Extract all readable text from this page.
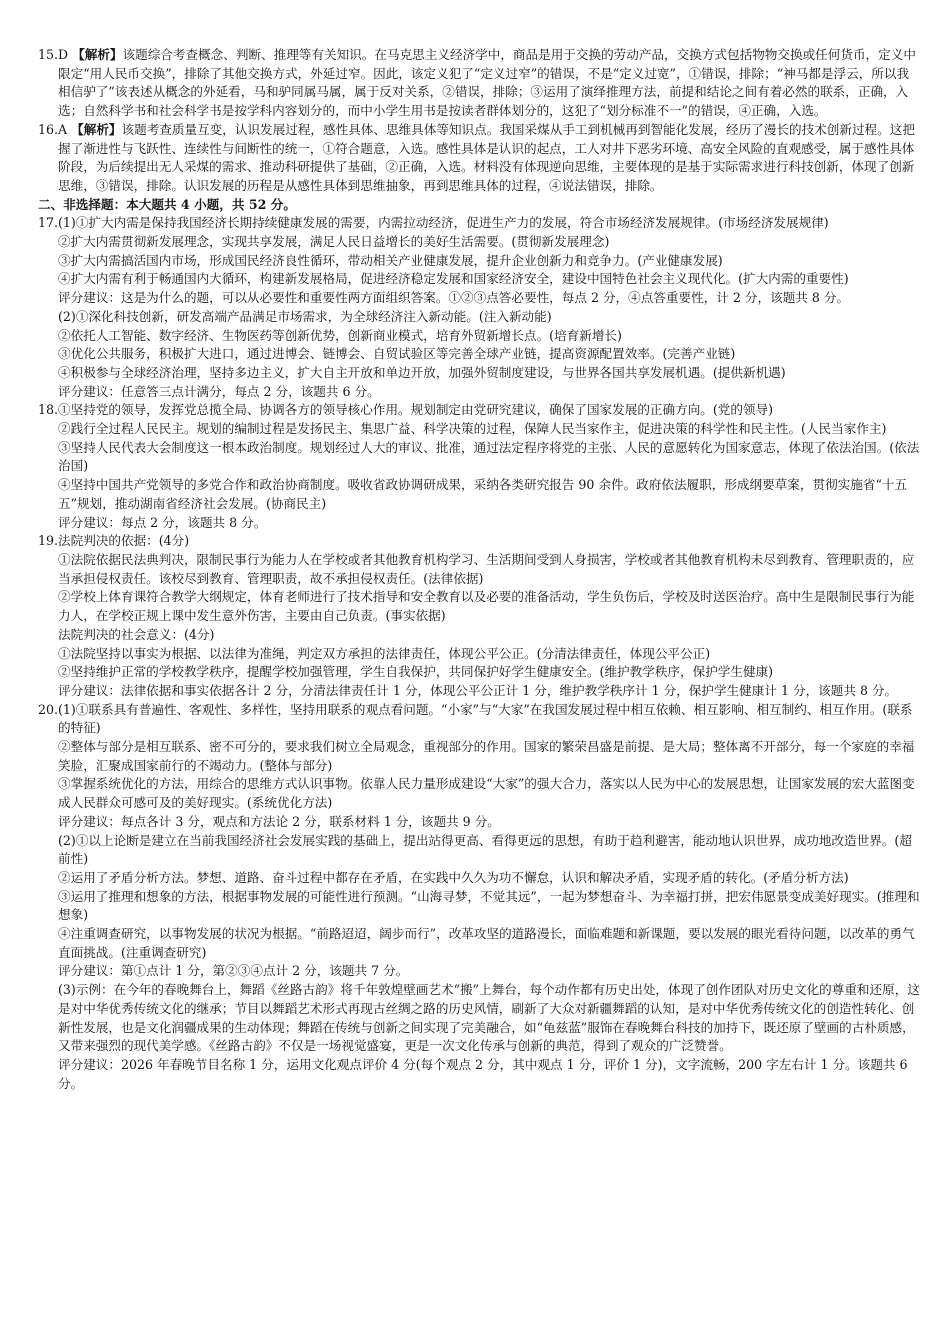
15. D 【解析】该题综合考查概念、判断、推理等有关知识。在马克思主义经济学中，商品是用于交换的劳动产品，交换方式包括物物交换或任何货币，定义中限定“用人民币交换”，排除了其他交换方式，外延过窄。因此，该定义犯了“定义过窄”的错误，不是“定义过宽”，①错误，排除；“神马都是浮云，所以我相信驴了”该表述从概念的外延看，马和驴同属马属，属于反对关系，②错误，排除；③运用了演绎推理方法，前提和结论之间有着必然的联系，正确，入选；自然科学书和社会科学书是按学科内容划分的，而中小学生用书是按读者群体划分的，这犯了“划分标准不一”的错误，④正确，入选。

16. A 【解析】该题考查质量互变，认识发展过程，感性具体、思维具体等知识点。我国采煤从手工到机械再到智能化发展，经历了漫长的技术创新过程。这把握了渐进性与飞跃性、连续性与间断性的统一，①符合题意，入选。感性具体是认识的起点，工人对井下恶劣环境、高安全风险的直观感受，属于感性具体阶段，为后续提出无人采煤的需求、推动科研提供了基础，②正确，入选。材料没有体现逆向思维，主要体现的是基于实际需求进行科技创新，体现了创新思维，③错误，排除。认识发展的历程是从感性具体到思维抽象，再到思维具体的过程，④说法错误，排除。

二、非选择题：本大题共 4 小题，共 52 分。

17. (1)①扩大内需是保持我国经济长期持续健康发展的需要，内需拉动经济，促进生产力的发展，符合市场经济发展规律。(市场经济发展规律)

②扩大内需贯彻新发展理念，实现共享发展，满足人民日益增长的美好生活需要。(贯彻新发展理念)

③扩大内需搞活国内市场，形成国民经济良性循环，带动相关产业健康发展，提升企业创新力和竞争力。(产业健康发展)

④扩大内需有利于畅通国内大循环，构建新发展格局，促进经济稳定发展和国家经济安全，建设中国特色社会主义现代化。(扩大内需的重要性)

评分建议：这是为什么的题，可以从必要性和重要性两方面组织答案。①②③点答必要性，每点 2 分，④点答重要性，计 2 分，该题共 8 分。

(2)①深化科技创新，研发高端产品满足市场需求，为全球经济注入新动能。(注入新动能)

②依托人工智能、数字经济、生物医药等创新优势，创新商业模式，培育外贸新增长点。(培育新增长)

③优化公共服务，积极扩大进口，通过进博会、链博会、自贸试验区等完善全球产业链，提高资源配置效率。(完善产业链)

④积极参与全球经济治理，坚持多边主义，扩大自主开放和单边开放，加强外贸制度建设，与世界各国共享发展机遇。(提供新机遇)

评分建议：任意答三点计满分，每点 2 分，该题共 6 分。

18. ①坚持党的领导，发挥党总揽全局、协调各方的领导核心作用。规划制定由党研究建议，确保了国家发展的正确方向。(党的领导)

②践行全过程人民民主。规划的编制过程是发扬民主、集思广益、科学决策的过程，保障人民当家作主，促进决策的科学性和民主性。(人民当家作主)

③坚持人民代表大会制度这一根本政治制度。规划经过人大的审议、批准，通过法定程序将党的主张、人民的意愿转化为国家意志，体现了依法治国。(依法治国)

④坚持中国共产党领导的多党合作和政治协商制度。吸收省政协调研成果，采纳各类研究报告 90 余件。政府依法履职，形成纲要草案，贯彻实施省“十五五”规划，推动湖南省经济社会发展。(协商民主)

评分建议：每点 2 分，该题共 8 分。

19. 法院判决的依据：(4分)

①法院依据民法典判决，限制民事行为能力人在学校或者其他教育机构学习、生活期间受到人身损害，学校或者其他教育机构未尽到教育、管理职责的，应当承担侵权责任。该校尽到教育、管理职责，故不承担侵权责任。(法律依据)

②学校上体育课符合教学大纲规定，体育老师进行了技术指导和安全教育以及必要的准备活动，学生负伤后，学校及时送医治疗。高中生是限制民事行为能力人，在学校正规上课中发生意外伤害，主要由自己负责。(事实依据)

法院判决的社会意义：(4分)

①法院坚持以事实为根据、以法律为准绳，判定双方承担的法律责任，体现公平公正。(分清法律责任，体现公平公正)

②坚持维护正常的学校教学秩序，提醒学校加强管理，学生自我保护，共同保护好学生健康安全。(维护教学秩序，保护学生健康)

评分建议：法律依据和事实依据各计 2 分，分清法律责任计 1 分，体现公平公正计 1 分，维护教学秩序计 1 分，保护学生健康计 1 分，该题共 8 分。

20. (1)①联系具有普遍性、客观性、多样性，坚持用联系的观点看问题。“小家”与“大家”在我国发展过程中相互依赖、相互影响、相互制约、相互作用。(联系的特征)

②整体与部分是相互联系、密不可分的，要求我们树立全局观念，重视部分的作用。国家的繁荣昌盛是前提、是大局；整体离不开部分，每一个家庭的幸福笑脸，汇聚成国家前行的不竭动力。(整体与部分)

③掌握系统优化的方法，用综合的思维方式认识事物。依靠人民力量形成建设“大家”的强大合力，落实以人民为中心的发展思想，让国家发展的宏大蓝图变成人民群众可感可及的美好现实。(系统优化方法)

评分建议：每点各计 3 分，观点和方法论 2 分，联系材料 1 分，该题共 9 分。

(2)①以上论断是建立在当前我国经济社会发展实践的基础上，提出站得更高、看得更远的思想，有助于趋利避害，能动地认识世界，成功地改造世界。(超前性)

②运用了矛盾分析方法。梦想、道路、奋斗过程中都存在矛盾，在实践中久久为功不懈怠，认识和解决矛盾，实现矛盾的转化。(矛盾分析方法)

③运用了推理和想象的方法，根据事物发展的可能性进行预测。“山海寻梦，不觉其远”，一起为梦想奋斗、为幸福打拼，把宏伟愿景变成美好现实。(推理和想象)

④注重调查研究，以事物发展的状况为根据。“前路迢迢，阔步而行”，改革攻坚的道路漫长，面临难题和新课题，要以发展的眼光看待问题，以改革的勇气直面挑战。(注重调查研究)

评分建议：第①点计 1 分，第②③④点计 2 分，该题共 7 分。

(3)示例：在今年的春晚舞台上，舞蹈《丝路古韵》将千年敦煌壁画艺术“搬”上舞台，每个动作都有历史出处，体现了创作团队对历史文化的尊重和还原，这是对中华优秀传统文化的继承；节目以舞蹈艺术形式再现古丝绸之路的历史风情，刷新了大众对新疆舞蹈的认知，是对中华优秀传统文化的创造性转化、创新性发展，也是文化润疆成果的生动体现；舞蹈在传统与创新之间实现了完美融合，如“龟兹蓝”服饰在春晚舞台科技的加持下，既还原了壁画的古朴质感，又带来强烈的现代美学感。《丝路古韵》不仅是一场视觉盛宴，更是一次文化传承与创新的典范，得到了观众的广泛赞誉。

评分建议：2026 年春晚节目名称 1 分，运用文化观点评价 4 分(每个观点 2 分，其中观点 1 分，评价 1 分)，文字流畅，200 字左右计 1 分。该题共 6 分。
